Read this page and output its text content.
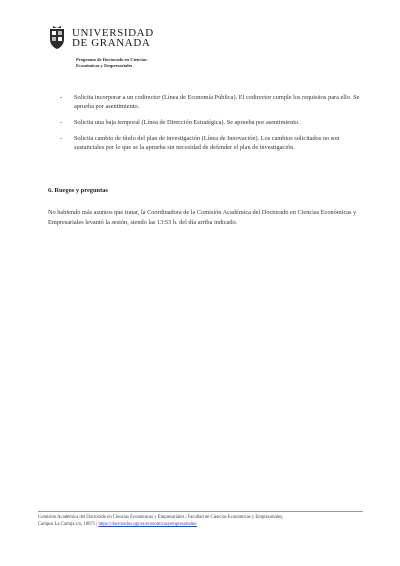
UNIVERSIDAD
DE GRANADA
Programa de Doctorado en Ciencias
Económicas y Empresariales
- Solicita incorporar a un codirector (Línea de Economía Pública). El codirector cumple los requisitos para ello. Se aprueba por asentimiento.
- Solicita una baja temporal (Línea de Dirección Estratégica). Se aprueba por asentimiento.
- Solicita cambio de título del plan de investigación (Línea de Innovación). Los cambios solicitados no son sustanciales por lo que se la aprueba sin necesidad de defender el plan de investigación.
6. Ruegos y preguntas
No habiendo más asuntos que tratar, la Coordinadora de la Comisión Académica del Doctorado en Ciencias Económicas y Empresariales levantó la sesión, siendo las 13:53 h. del día arriba indicado.
Comisión Académica del Doctorado en Ciencias Económicas y Empresariales | Facultad de Ciencias Económicas y Empresariales,
Campus La Cartuja s/n, 18071 | https://doctorados.ugr.es/economicasyempresariales/
